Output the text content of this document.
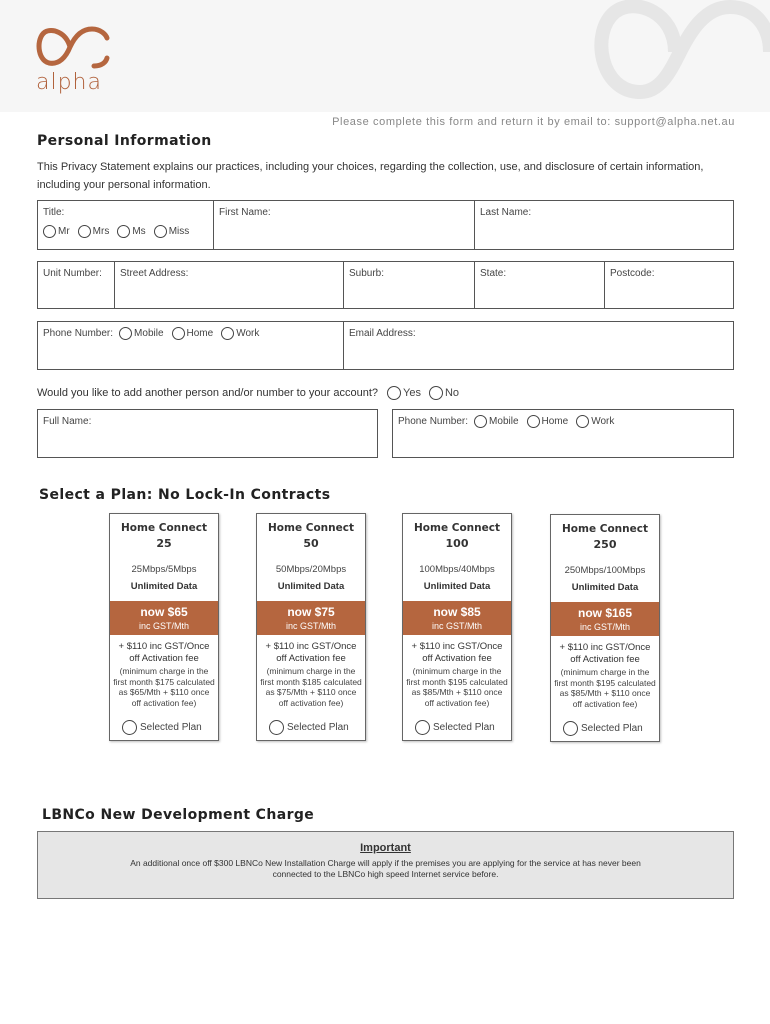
alpha
Please complete this form and return it by email to: support@alpha.net.au
Personal Information
This Privacy Statement explains our practices, including your choices, regarding the collection, use, and disclosure of certain information, including your personal information.
Title:
Mr Mrs Ms Miss
First Name:	Last Name:
Unit Number: Street Address:	Suburb:	State:	Postcode:
Phone Number: Mobile Home Work	Email Address:
Would you like to add another person and/or number to your account? Yes No
Full Name:	Phone Number: Mobile Home Work
Select a Plan: No Lock-In Contracts
Home Connect
25
25Mbps/5Mbps
Unlimited Data
now $65
inc GST/Mth
+ $110 inc GST/Once off Activation fee
(minimum charge in the first month $175 calculated as $65/Mth + $110 once off activation fee)
Selected Plan
Home Connect
50
50Mbps/20Mbps
Unlimited Data
now $75
inc GST/Mth
+ $110 inc GST/Once off Activation fee
(minimum charge in the first month $185 calculated as $75/Mth + $110 once off activation fee)
Selected Plan
Home Connect
100
100Mbps/40Mbps
Unlimited Data
now $85
inc GST/Mth
+ $110 inc GST/Once off Activation fee
(minimum charge in the first month $195 calculated as $85/Mth + $110 once off activation fee)
Selected Plan
Home Connect
250
250Mbps/100Mbps
Unlimited Data
now $165
inc GST/Mth
+ $110 inc GST/Once off Activation fee
(minimum charge in the first month $195 calculated as $85/Mth + $110 once off activation fee)
Selected Plan
LBNCo New Development Charge
Important
An additional once off $300 LBNCo New Installation Charge will apply if the premises you are applying for the service at has never been connected to the LBNCo high speed Internet service before.
